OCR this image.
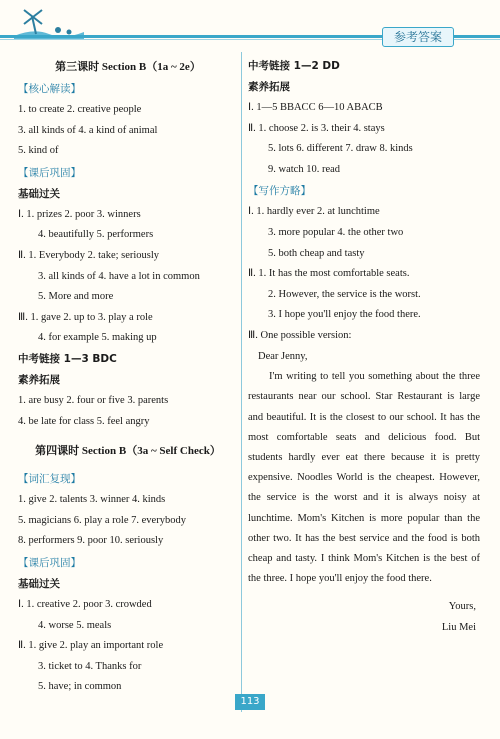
参考答案
第三课时 Section B（1a ~ 2e）
【核心解读】
1. to create 2. creative people
3. all kinds of 4. a kind of animal
5. kind of
【课后巩固】
基础过关
Ⅰ. 1. prizes 2. poor 3. winners
4. beautifully 5. performers
Ⅱ. 1. Everybody 2. take; seriously
3. all kinds of 4. have a lot in common
5. More and more
Ⅲ. 1. gave 2. up to 3. play a role
4. for example 5. making up
中考链接 1—3 BDC
素养拓展
1. are busy 2. four or five 3. parents
4. be late for class 5. feel angry
第四课时 Section B（3a ~ Self Check）
【词汇复现】
1. give 2. talents 3. winner 4. kinds
5. magicians 6. play a role 7. everybody
8. performers 9. poor 10. seriously
【课后巩固】
基础过关
Ⅰ. 1. creative 2. poor 3. crowded
4. worse 5. meals
Ⅱ. 1. give 2. play an important role
3. ticket to 4. Thanks for
5. have; in common
中考链接 1—2 DD
素养拓展
Ⅰ. 1—5 BBACC 6—10 ABACB
Ⅱ. 1. choose 2. is 3. their 4. stays
5. lots 6. different 7. draw 8. kinds
9. watch 10. read
【写作方略】
Ⅰ. 1. hardly ever 2. at lunchtime
3. more popular 4. the other two
5. both cheap and tasty
Ⅱ. 1. It has the most comfortable seats.
2. However, the service is the worst.
3. I hope you'll enjoy the food there.
Ⅲ. One possible version:
Dear Jenny,
I'm writing to tell you something about the three restaurants near our school. Star Restaurant is large and beautiful. It is the closest to our school. It has the most comfortable seats and delicious food. But students hardly ever eat there because it is pretty expensive. Noodles World is the cheapest. However, the service is the worst and it is always noisy at lunchtime. Mom's Kitchen is more popular than the other two. It has the best service and the food is both cheap and tasty. I think Mom's Kitchen is the best of the three. I hope you'll enjoy the food there.
Yours,
Liu Mei
113
